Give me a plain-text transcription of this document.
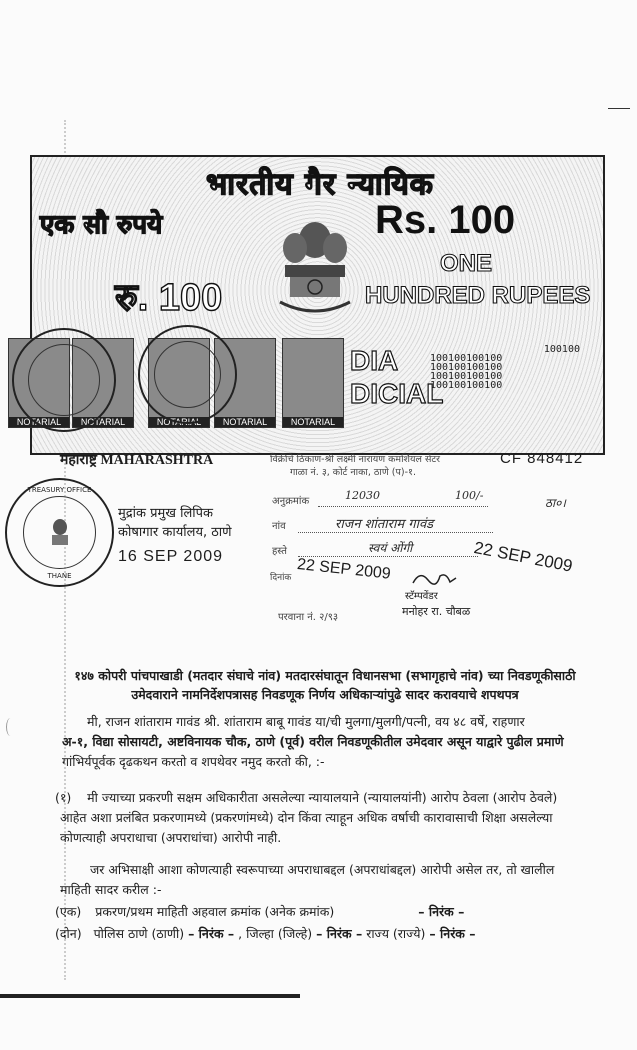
भारतीय गैर न्यायिक
एक सौ रुपये	Rs. 100
रु. 100
ONE
HUNDRED RUPEES
100100
100100100100
100100100100
100100100100
100100100100
DIA
DICIAL
NOTARIAL	NOTARIAL	NOTARIAL	NOTARIAL	NOTARIAL
महाराष्ट्र MAHARASHTRA	CF 848412
विक्रीचे ठिकाण-श्री लक्ष्मी नारायण कमर्शियल सेंटर
गाळा नं. ३, कोर्ट नाका, ठाणे (प)-१.
TREASURY OFFICE
THANE
मुद्रांक प्रमुख लिपिक
कोषागार कार्यालय, ठाणे
16 SEP 2009
अनुक्रमांक	12030	100/-
ठा०।
नांव	राजन शांताराम गावंड
हस्ते	स्वयं ओंगी	22 SEP 2009
दिनांक 22 SEP 2009
स्टॅम्पवेंडर
मनोहर रा. चौबळ
परवाना नं. २/९३
१४७ कोपरी पांचपाखाडी (मतदार संघाचे नांव) मतदारसंघातून विधानसभा (सभागृहाचे नांव) च्या निवडणूकीसाठी
उमेदवाराने नामनिर्देशपत्रासह निवडणूक निर्णय अधिकाऱ्यांपुढे सादर करावयाचे शपथपत्र
मी, राजन शांताराम गावंड श्री. शांताराम बाबू गावंड या/ची मुलगा/मुलगी/पत्नी, वय ४८ वर्षे, राहणार
अ-१, विद्या सोसायटी, अष्टविनायक चौक, ठाणे (पूर्व) वरील निवडणूकीतील उमेदवार असून याद्वारे पुढील प्रमाणे
गांभिर्यपूर्वक दृढकथन करतो व शपथेवर नमुद करतो की, :-
(१) मी ज्याच्या प्रकरणी सक्षम अधिकारीता असलेल्या न्यायालयाने (न्यायालयांनी) आरोप ठेवला (आरोप ठेवले)
आहेत अशा प्रलंबित प्रकरणामध्ये (प्रकरणांमध्ये) दोन किंवा त्याहून अधिक वर्षाची कारावासाची शिक्षा असलेल्या
कोणत्याही अपराधाचा (अपराधांचा) आरोपी नाही.
जर अभिसाक्षी आशा कोणत्याही स्वरूपाच्या अपराधाबद्दल (अपराधांबद्दल) आरोपी असेल तर, तो खालील
माहिती सादर करील :-
(एक) प्रकरण/प्रथम माहिती अहवाल क्रमांक (अनेक क्रमांक)	– निरंक –
(दोन) पोलिस ठाणे (ठाणी) – निरंक – , जिल्हा (जिल्हे) – निरंक – राज्य (राज्ये) – निरंक –
